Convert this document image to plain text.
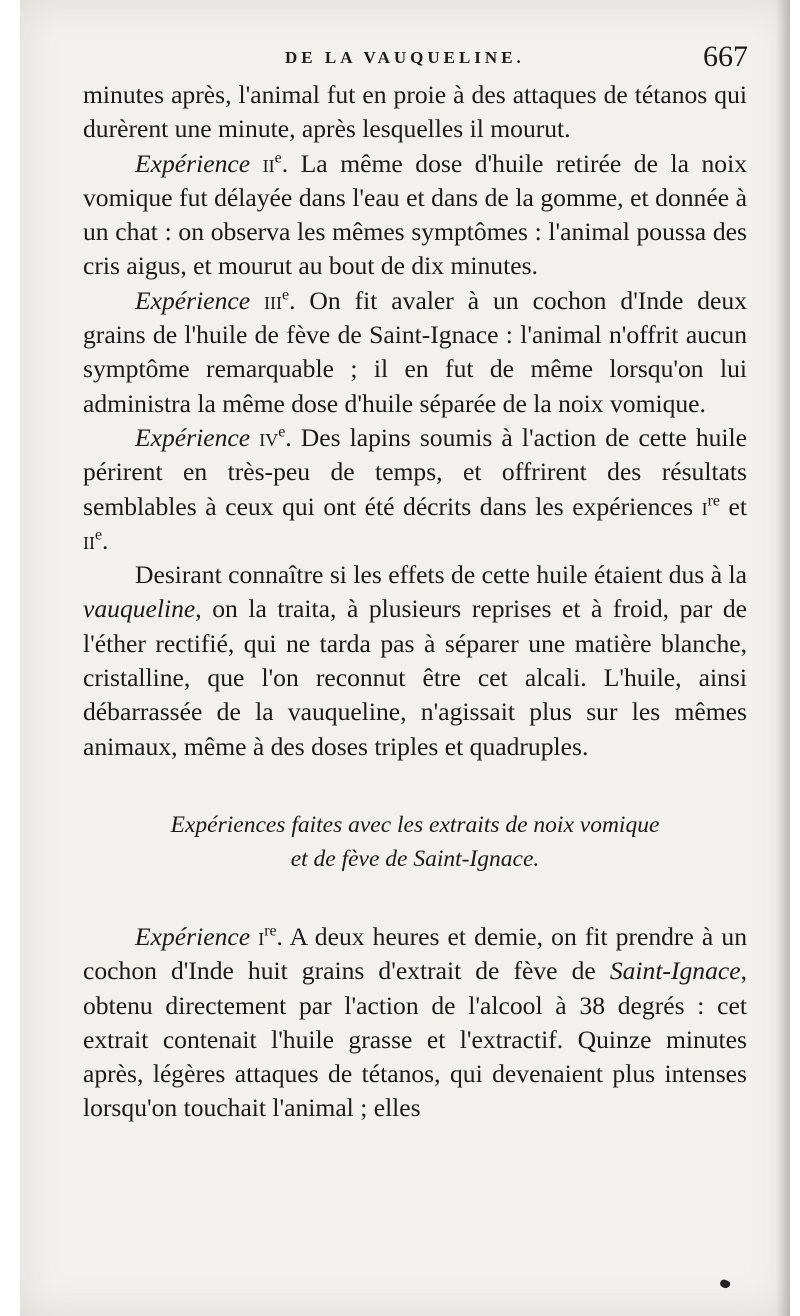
DE LA VAUQUELINE.	667

minutes après, l'animal fut en proie à des attaques de tétanos qui durèrent une minute, après lesquelles il mourut.

Expérience $ii^e$. La même dose d'huile retirée de la noix vomique fut délayée dans l'eau et dans de la gomme, et donnée à un chat : on observa les mêmes symptômes : l'animal poussa des cris aigus, et mourut au bout de dix minutes.

Expérience iii$^e$. On fit avaler à un cochon d'Inde deux grains de l'huile de fève de Saint-Ignace : l'animal n'offrit aucun symptôme remarquable ; il en fut de même lorsqu'on lui administra la même dose d'huile séparée de la noix vomique.

Expérience $iv^e$. Des lapins soumis à l'action de cette huile périrent en très-peu de temps, et offrirent des résultats semblables à ceux qui ont été décrits dans les expériences $i^{re}$ et $ii^e$.

Desirant connaître si les effets de cette huile étaient dus à la vauqueline, on la traita, à plusieurs reprises et à froid, par de l'éther rectifié, qui ne tarda pas à séparer une matière blanche, cristalline, que l'on reconnut être cet alcali. L'huile, ainsi débarrassée de la vauqueline, n'agissait plus sur les mêmes animaux, même à des doses triples et quadruples.

Expériences faites avec les extraits de noix vomique
et de fève de Saint-Ignace.

Expérience $i^{re}$. A deux heures et demie, on fit prendre à un cochon d'Inde huit grains d'extrait de fève de Saint-Ignace, obtenu directement par l'action de l'alcool à 38 degrés : cet extrait contenait l'huile grasse et l'extractif. Quinze minutes après, légères attaques de tétanos, qui devenaient plus intenses lorsqu'on touchait l'animal ; elles
